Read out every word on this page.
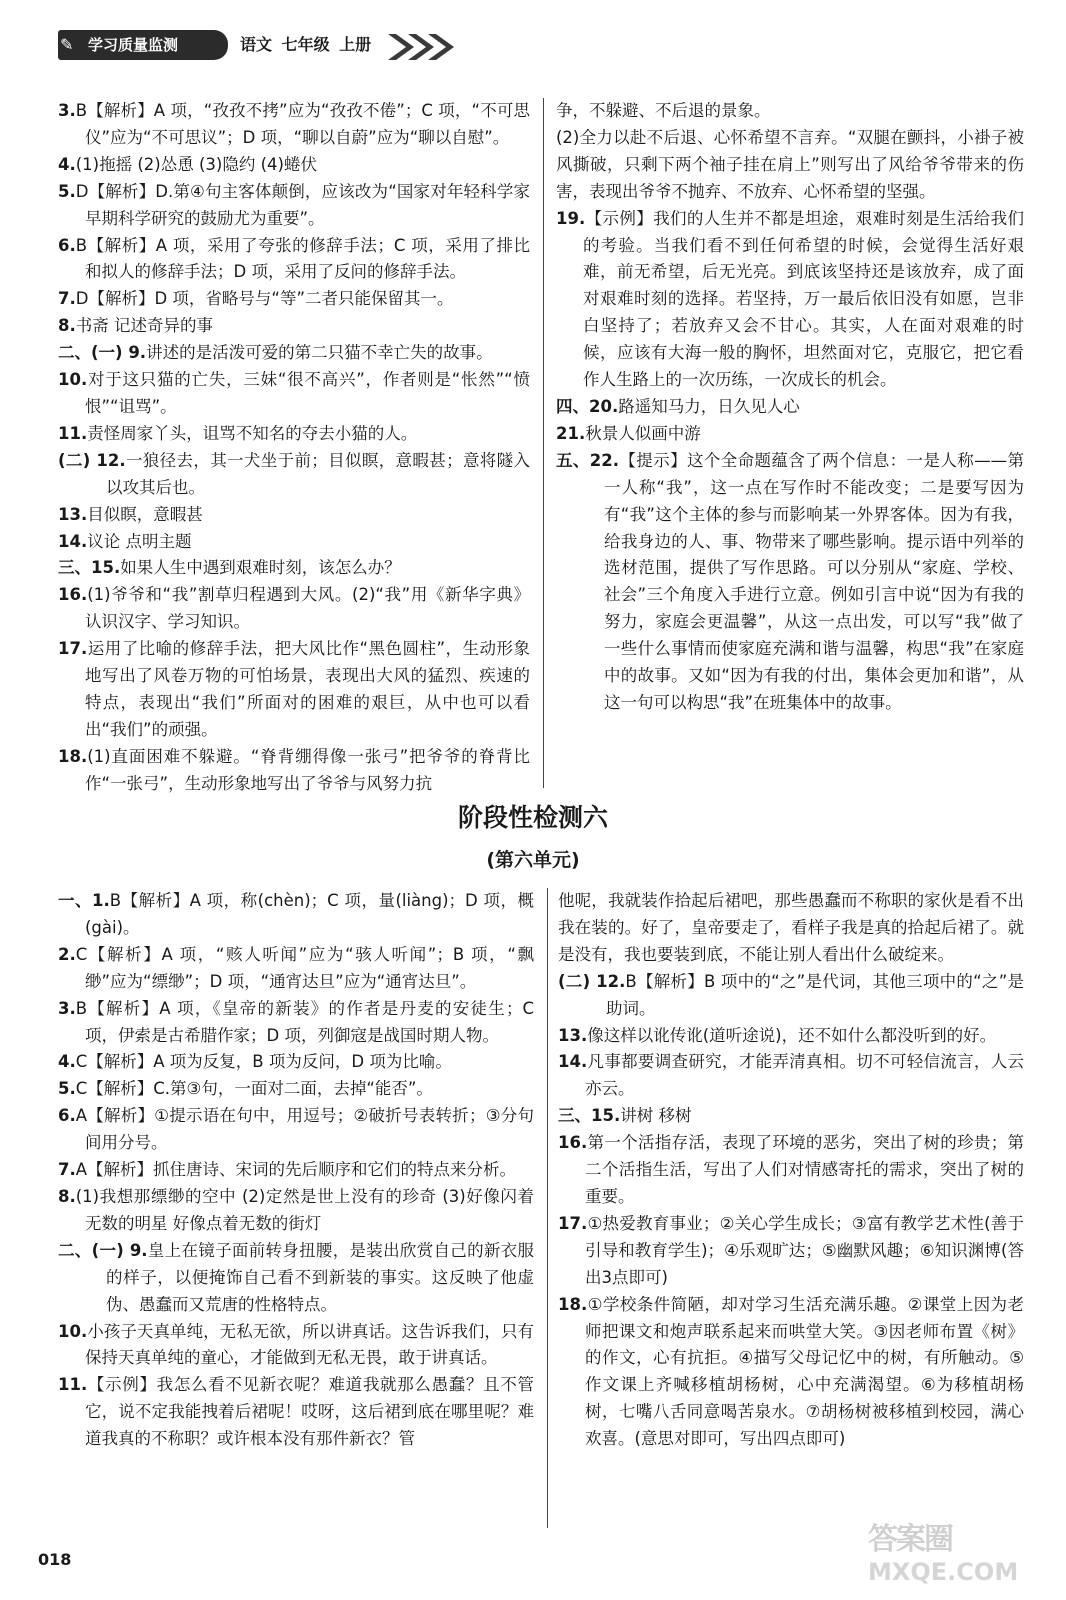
✎ 学习质量监测	语文 七年级 上册

3.B【解析】A 项，“孜孜不拷”应为“孜孜不倦”；C 项，“不可思仪”应为“不可思议”；D 项，“聊以自蔚”应为“聊以自慰”。

4.(1)拖摇 (2)怂恿 (3)隐约 (4)蜷伏

5.D【解析】D.第④句主客体颠倒，应该改为“国家对年轻科学家早期科学研究的鼓励尤为重要”。

6.B【解析】A 项，采用了夸张的修辞手法；C 项，采用了排比和拟人的修辞手法；D 项，采用了反问的修辞手法。

7.D【解析】D 项，省略号与“等”二者只能保留其一。

8.书斋 记述奇异的事

二、(一) 9.讲述的是活泼可爱的第二只猫不幸亡失的故事。

10.对于这只猫的亡失，三妹“很不高兴”，作者则是“怅然”“愤恨”“诅骂”。

11.责怪周家丫头，诅骂不知名的夺去小猫的人。

(二) 12.一狼径去，其一犬坐于前；目似瞑，意暇甚；意将隧入以攻其后也。

13.目似瞑，意暇甚

14.议论 点明主题

三、15.如果人生中遇到艰难时刻，该怎么办？

16.(1)爷爷和“我”割草归程遇到大风。(2)“我”用《新华字典》认识汉字、学习知识。

17.运用了比喻的修辞手法，把大风比作“黑色圆柱”，生动形象地写出了风卷万物的可怕场景，表现出大风的猛烈、疾速的特点，表现出“我们”所面对的困难的艰巨，从中也可以看出“我们”的顽强。

18.(1)直面困难不躲避。“脊背绷得像一张弓”把爷爷的脊背比作“一张弓”，生动形象地写出了爷爷与风努力抗

争，不躲避、不后退的景象。

(2)全力以赴不后退、心怀希望不言弃。“双腿在颤抖，小褂子被风撕破，只剩下两个袖子挂在肩上”则写出了风给爷爷带来的伤害，表现出爷爷不抛弃、不放弃、心怀希望的坚强。

19.【示例】我们的人生并不都是坦途，艰难时刻是生活给我们的考验。当我们看不到任何希望的时候，会觉得生活好艰难，前无希望，后无光亮。到底该坚持还是该放弃，成了面对艰难时刻的选择。若坚持，万一最后依旧没有如愿，岂非白坚持了；若放弃又会不甘心。其实，人在面对艰难的时候，应该有大海一般的胸怀，坦然面对它，克服它，把它看作人生路上的一次历练，一次成长的机会。

四、20.路遥知马力，日久见人心

21.秋景人似画中游

五、22.【提示】这个全命题蕴含了两个信息：一是人称——第一人称“我”，这一点在写作时不能改变；二是要写因为有“我”这个主体的参与而影响某一外界客体。因为有我，给我身边的人、事、物带来了哪些影响。提示语中列举的选材范围，提供了写作思路。可以分别从“家庭、学校、社会”三个角度入手进行立意。例如引言中说“因为有我的努力，家庭会更温馨”，从这一点出发，可以写“我”做了一些什么事情而使家庭充满和谐与温馨，构思“我”在家庭中的故事。又如“因为有我的付出，集体会更加和谐”，从这一句可以构思“我”在班集体中的故事。

阶段性检测六
(第六单元)

一、1.B【解析】A 项，称(chèn)；C 项，量(liàng)；D 项，概(gài)。

2.C【解析】A 项，“赅人听闻”应为“骇人听闻”；B 项，“飘缈”应为“缥缈”；D 项，“通宵达旦”应为“通宵达旦”。

3.B【解析】A 项，《皇帝的新装》的作者是丹麦的安徒生；C 项，伊索是古希腊作家；D 项，列御寇是战国时期人物。

4.C【解析】A 项为反复，B 项为反问，D 项为比喻。

5.C【解析】C.第③句，一面对二面，去掉“能否”。

6.A【解析】①提示语在句中，用逗号；②破折号表转折；③分句间用分号。

7.A【解析】抓住唐诗、宋词的先后顺序和它们的特点来分析。

8.(1)我想那缥缈的空中 (2)定然是世上没有的珍奇 (3)好像闪着无数的明星 好像点着无数的街灯

二、(一) 9.皇上在镜子面前转身扭腰，是装出欣赏自己的新衣服的样子，以便掩饰自己看不到新装的事实。这反映了他虚伪、愚蠢而又荒唐的性格特点。

10.小孩子天真单纯，无私无欲，所以讲真话。这告诉我们，只有保持天真单纯的童心，才能做到无私无畏，敢于讲真话。

11.【示例】我怎么看不见新衣呢？难道我就那么愚蠢？且不管它，说不定我能拽着后裙呢！哎呀，这后裙到底在哪里呢？难道我真的不称职？或许根本没有那件新衣？管

他呢，我就装作拾起后裙吧，那些愚蠢而不称职的家伙是看不出我在装的。好了，皇帝要走了，看样子我是真的拾起后裙了。就是没有，我也要装到底，不能让别人看出什么破绽来。

(二) 12.B【解析】B 项中的“之”是代词，其他三项中的“之”是助词。

13.像这样以讹传讹(道听途说)，还不如什么都没听到的好。

14.凡事都要调查研究，才能弄清真相。切不可轻信流言，人云亦云。

三、15.讲树 移树

16.第一个活指存活，表现了环境的恶劣，突出了树的珍贵；第二个活指生活，写出了人们对情感寄托的需求，突出了树的重要。

17.①热爱教育事业；②关心学生成长；③富有教学艺术性(善于引导和教育学生)；④乐观旷达；⑤幽默风趣；⑥知识渊博(答出3点即可)

18.①学校条件简陋，却对学习生活充满乐趣。②课堂上因为老师把课文和炮声联系起来而哄堂大笑。③因老师布置《树》的作文，心有抗拒。④描写父母记忆中的树，有所触动。⑤作文课上齐喊移植胡杨树，心中充满渴望。⑥为移植胡杨树，七嘴八舌同意喝苦泉水。⑦胡杨树被移植到校园，满心欢喜。(意思对即可，写出四点即可)

018
答案圈
MXQE.COM
